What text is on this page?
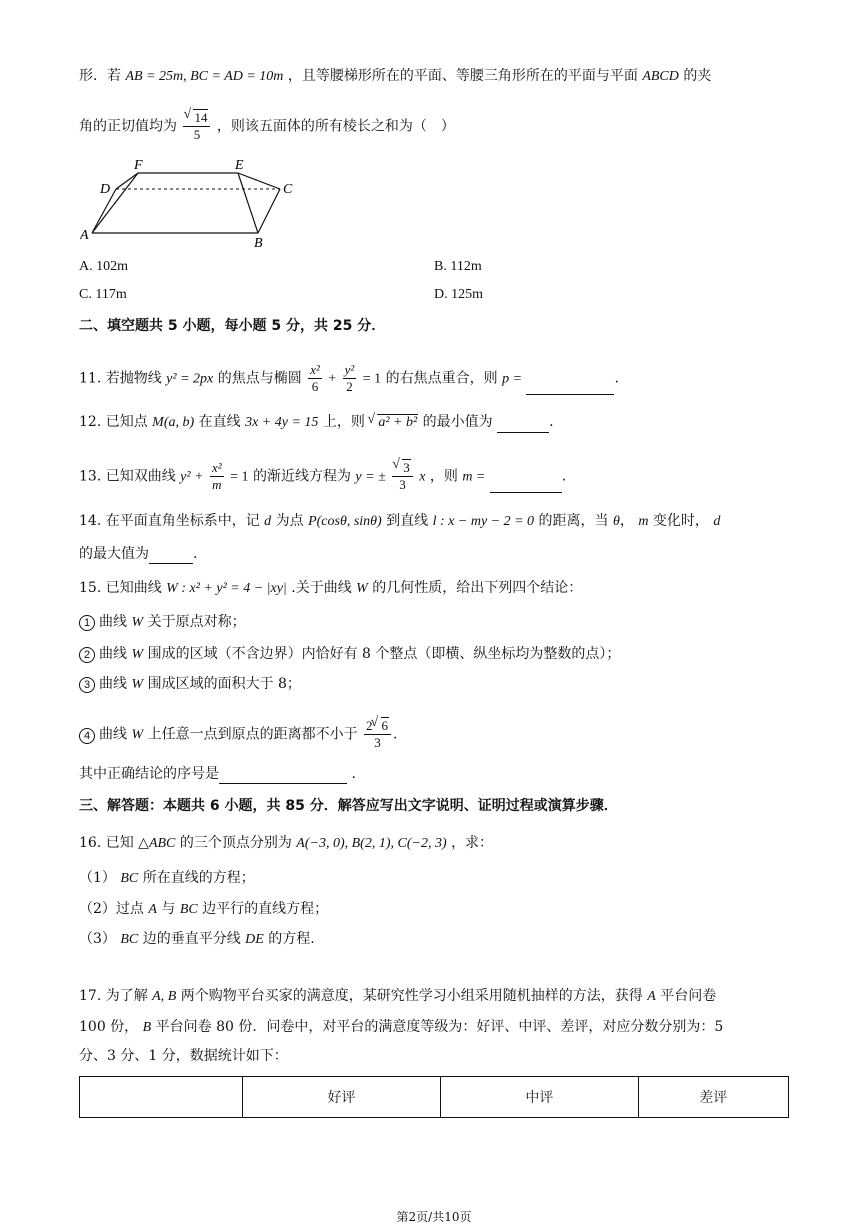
形．若 AB = 25m, BC = AD = 10m ，且等腰梯形所在的平面、等腰三角形所在的平面与平面 ABCD 的夹
角的正切值均为 √ $\frac{14}{5}$ ，则该五面体的所有棱长之和为（　）
F	E
D	C
A
B
A. 102m	B. 112m
C. 117m	D. 125m
二、填空题共 5 小题，每小题 5 分，共 25 分．
11. 若抛物线 y² = 2px 的焦点与椭圆 $\frac{\text{x²}}{6} + \frac{\text{y²}}{2} = 1$ 的右焦点重合，则 p =	.
12. 已知点 M(a, b) 在直线 3x + 4y = 15 上，则 √ a² + b² 的最小值为	.
13. 已知双曲线 $y^2 + \frac{\text{x²}}{m} = 1$ 的渐近线方程为 y = ± √ $\frac{3}{3}$ x ，则 m =	.
14. 在平面直角坐标系中，记 d 为点 P(cosθ, sinθ) 到直线 l : x − my − 2 = 0 的距离，当 θ， m 变化时， d
的最大值为	.
15. 已知曲线 W : x² + y² = 4 − |xy| .关于曲线 W 的几何性质，给出下列四个结论：
1 曲线 W 关于原点对称；
2 曲线 W 围成的区域（不含边界）内恰好有 8 个整点（即横、纵坐标均为整数的点）；
3 曲线 W 围成区域的面积大于 8；
4 曲线 W 上任意一点到原点的距离都不小于 $\frac{2 √ 6}{3}$ .
其中正确结论的序号是	.
三、解答题：本题共 6 小题，共 85 分．解答应写出文字说明、证明过程或演算步骤．
16. 已知 △ABC 的三个顶点分别为 A(−3, 0), B(2, 1), C(−2, 3) ，求：
（1） BC 所在直线的方程；
（2）过点 A 与 BC 边平行的直线方程；
（3） BC 边的垂直平分线 DE 的方程.
17. 为了解 A, B 两个购物平台买家的满意度，某研究性学习小组采用随机抽样的方法，获得 A 平台问卷
100 份， B 平台问卷 80 份．问卷中，对平台的满意度等级为：好评、中评、差评，对应分数分别为：5
分、3 分、1 分，数据统计如下：
	好评	中评	差评
第2页/共10页
